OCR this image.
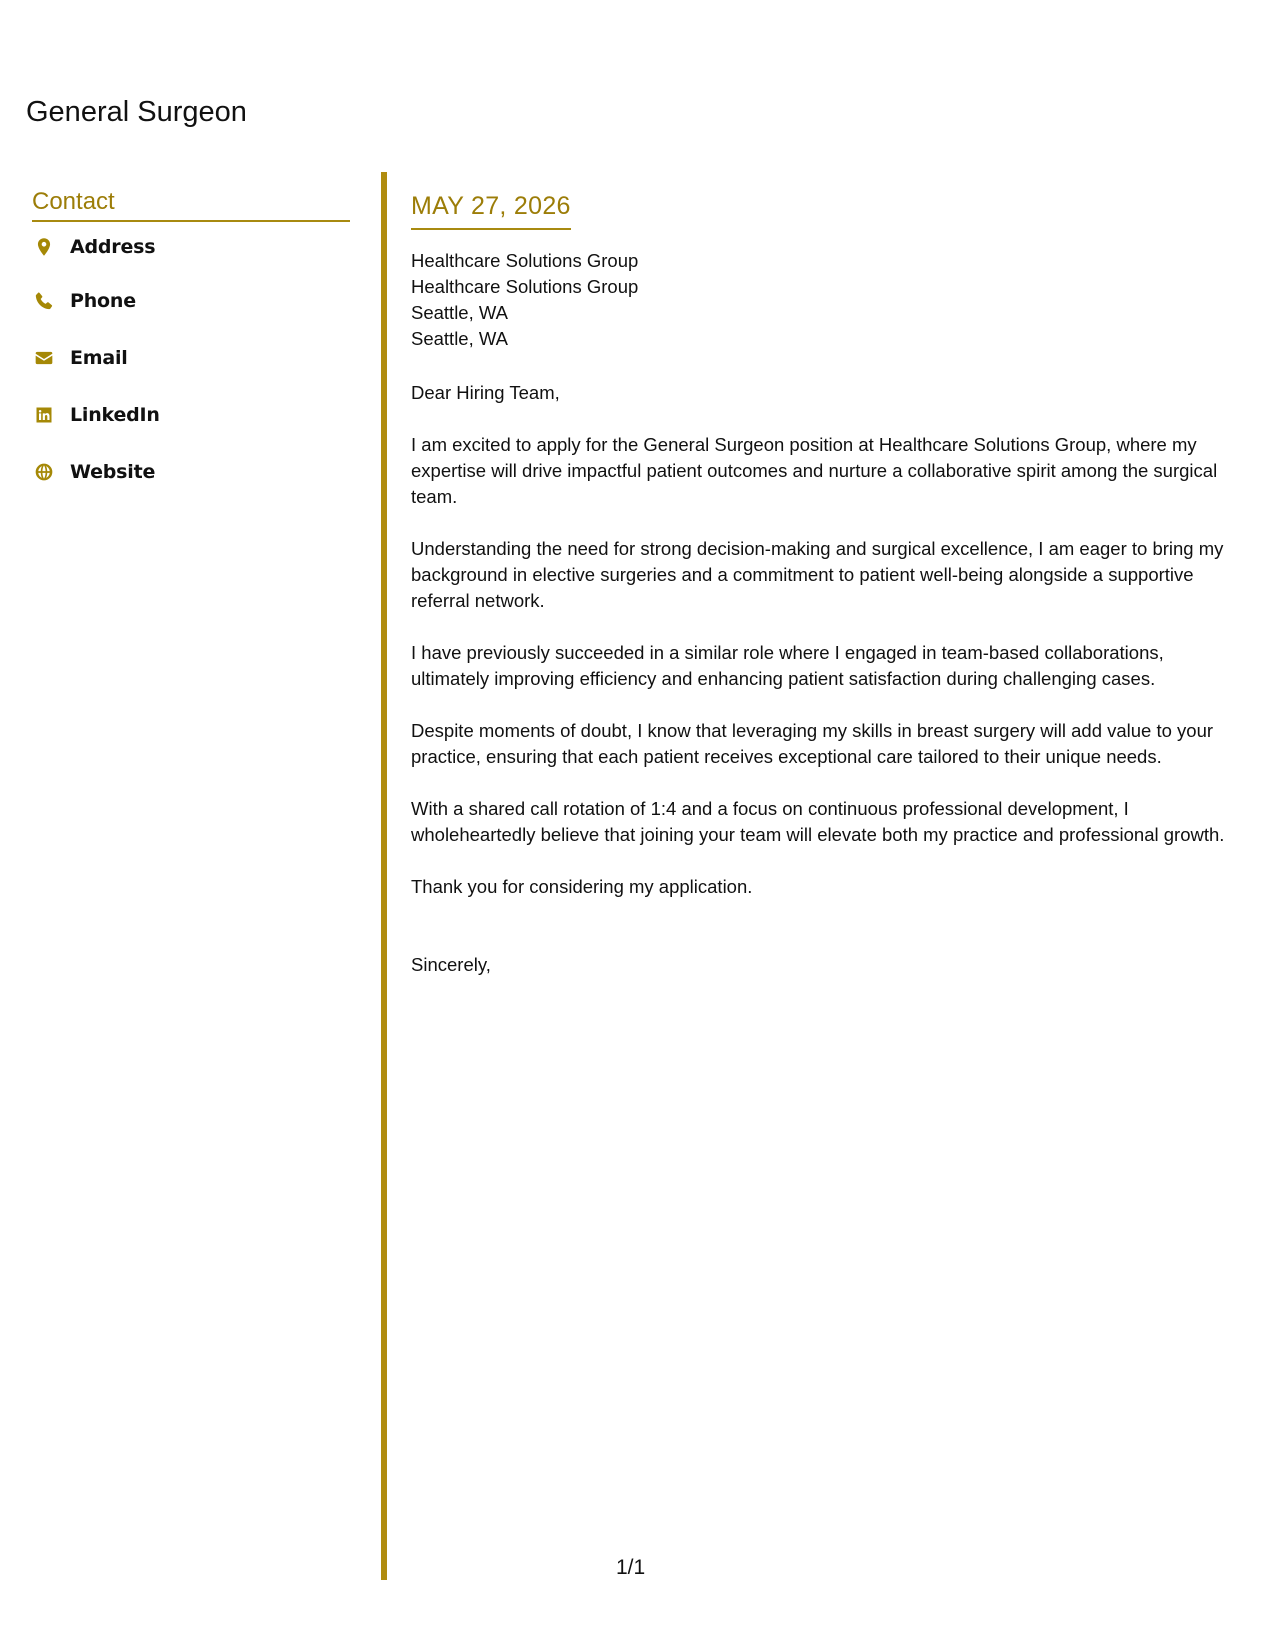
General Surgeon
Contact
Address
Phone
Email
LinkedIn
Website
MAY 27, 2026
Healthcare Solutions Group
Healthcare Solutions Group
Seattle, WA
Seattle, WA
Dear Hiring Team,

I am excited to apply for the General Surgeon position at Healthcare Solutions Group, where my expertise will drive impactful patient outcomes and nurture a collaborative spirit among the surgical team.

Understanding the need for strong decision-making and surgical excellence, I am eager to bring my background in elective surgeries and a commitment to patient well-being alongside a supportive referral network.

I have previously succeeded in a similar role where I engaged in team-based collaborations, ultimately improving efficiency and enhancing patient satisfaction during challenging cases.

Despite moments of doubt, I know that leveraging my skills in breast surgery will add value to your practice, ensuring that each patient receives exceptional care tailored to their unique needs.

With a shared call rotation of 1:4 and a focus on continuous professional development, I wholeheartedly believe that joining your team will elevate both my practice and professional growth.

Thank you for considering my application.
Sincerely,
1/1
